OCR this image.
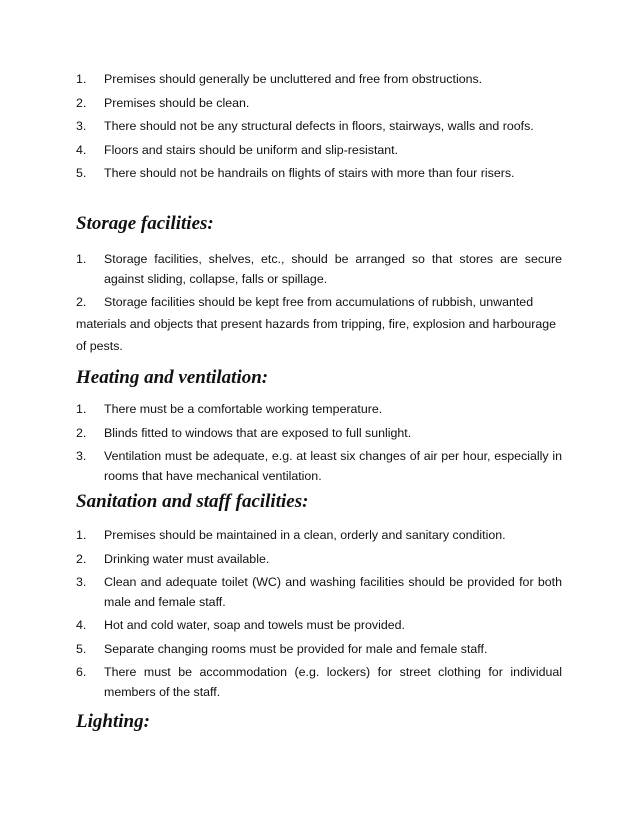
1.	Premises should generally be uncluttered and free from obstructions.
2.	Premises should be clean.
3.	There should not be any structural defects in floors, stairways, walls and roofs.
4.	Floors and stairs should be uniform and slip-resistant.
5.	There should not be handrails on flights of stairs with more than four risers.
Storage facilities:
1.	Storage facilities, shelves, etc., should be arranged so that stores are secure against sliding, collapse, falls or spillage.

2. Storage facilities should be kept free from accumulations of rubbish, unwanted materials and objects that present hazards from tripping, fire, explosion and harbourage of pests.

Heating and ventilation:
1.	There must be a comfortable working temperature.
2.	Blinds fitted to windows that are exposed to full sunlight.
3.	Ventilation must be adequate, e.g. at least six changes of air per hour, especially in rooms that have mechanical ventilation.
Sanitation and staff facilities:
1.	Premises should be maintained in a clean, orderly and sanitary condition.
2.	Drinking water must available.
3.	Clean and adequate toilet (WC) and washing facilities should be provided for both male and female staff.
4.	Hot and cold water, soap and towels must be provided.
5.	Separate changing rooms must be provided for male and female staff.
6.	There must be accommodation (e.g. lockers) for street clothing for individual members of the staff.
Lighting:
